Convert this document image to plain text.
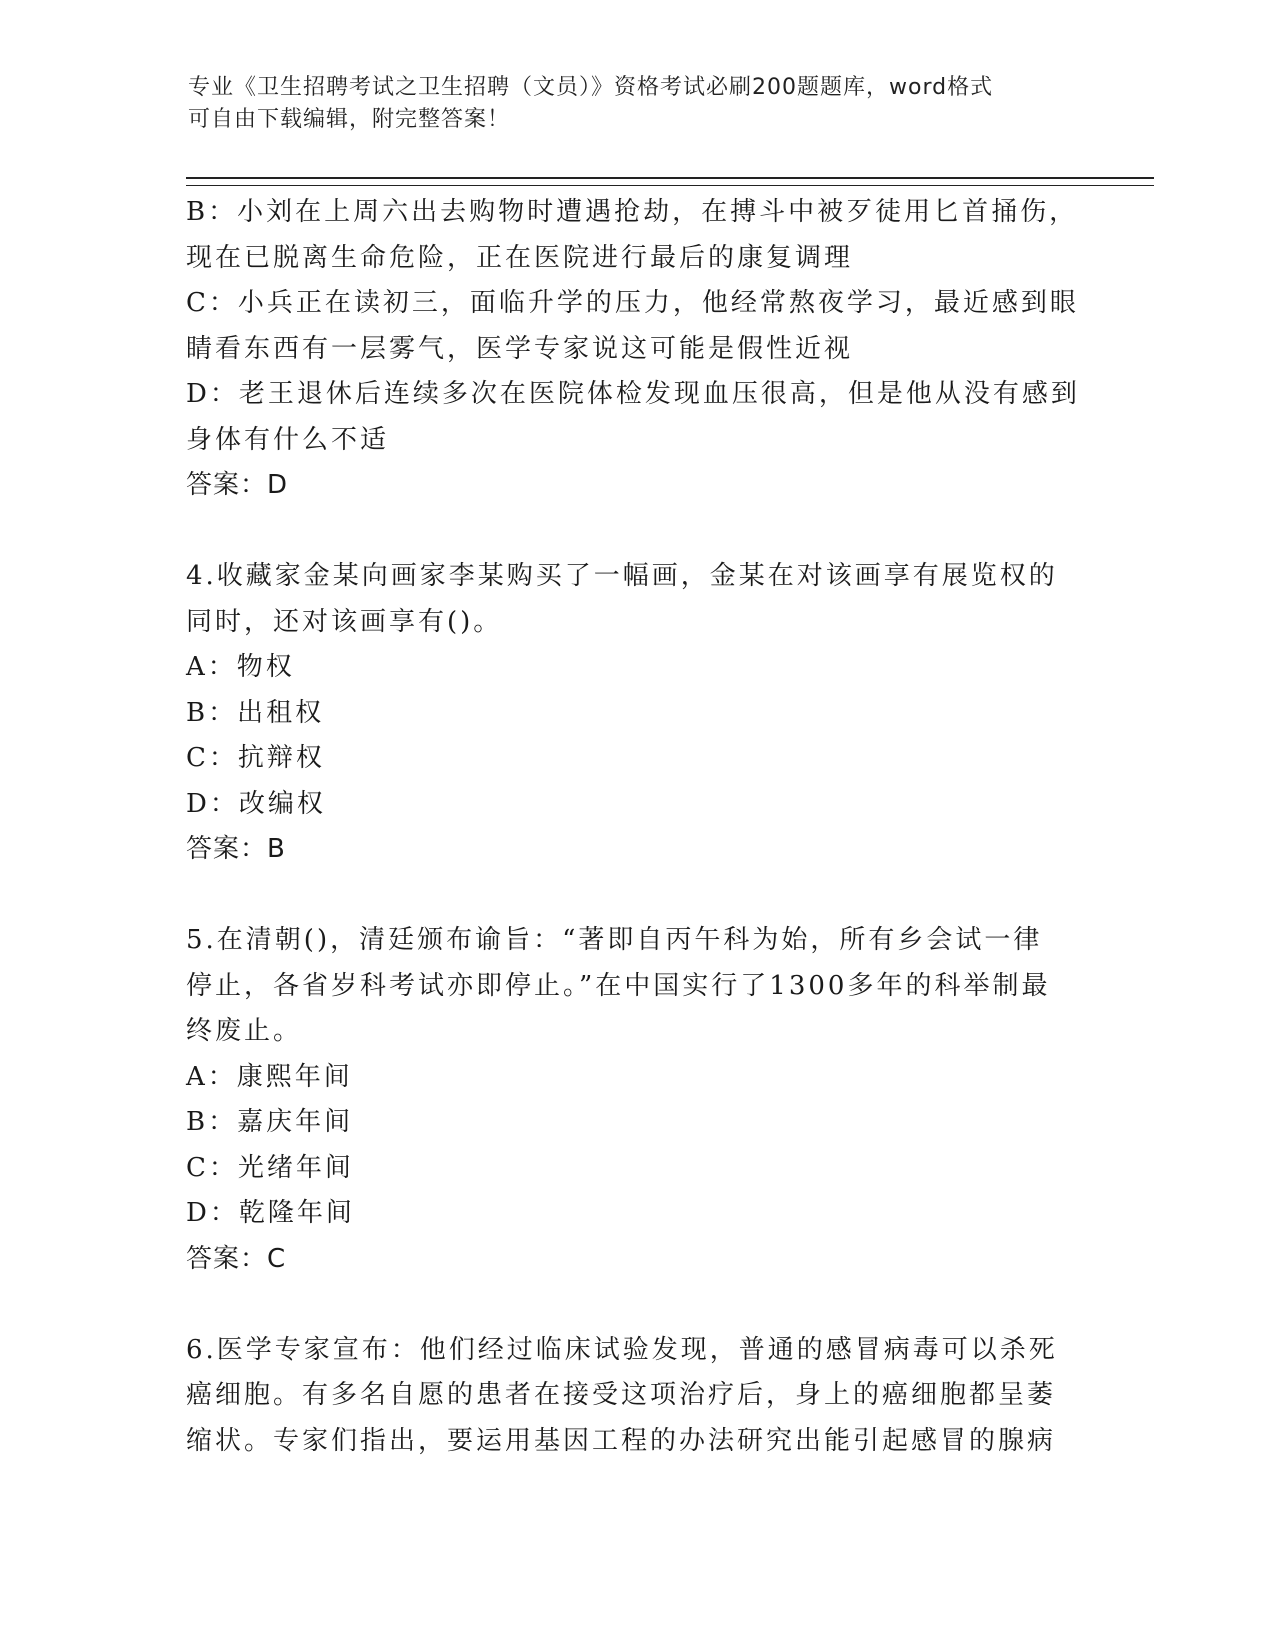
专业《卫生招聘考试之卫生招聘（文员）》资格考试必刷200题题库，word格式
可自由下载编辑，附完整答案！
B：小刘在上周六出去购物时遭遇抢劫，在搏斗中被歹徒用匕首捅伤，
现在已脱离生命危险，正在医院进行最后的康复调理
C：小兵正在读初三，面临升学的压力，他经常熬夜学习，最近感到眼
睛看东西有一层雾气，医学专家说这可能是假性近视
D：老王退休后连续多次在医院体检发现血压很高，但是他从没有感到
身体有什么不适
答案：D
4.收藏家金某向画家李某购买了一幅画，金某在对该画享有展览权的
同时，还对该画享有()。
A：物权
B：出租权
C：抗辩权
D：改编权
答案：B
5.在清朝()，清廷颁布谕旨：“著即自丙午科为始，所有乡会试一律
停止，各省岁科考试亦即停止。”在中国实行了1300多年的科举制最
终废止。
A：康熙年间
B：嘉庆年间
C：光绪年间
D：乾隆年间
答案：C
6.医学专家宣布：他们经过临床试验发现，普通的感冒病毒可以杀死
癌细胞。有多名自愿的患者在接受这项治疗后，身上的癌细胞都呈萎
缩状。专家们指出，要运用基因工程的办法研究出能引起感冒的腺病
